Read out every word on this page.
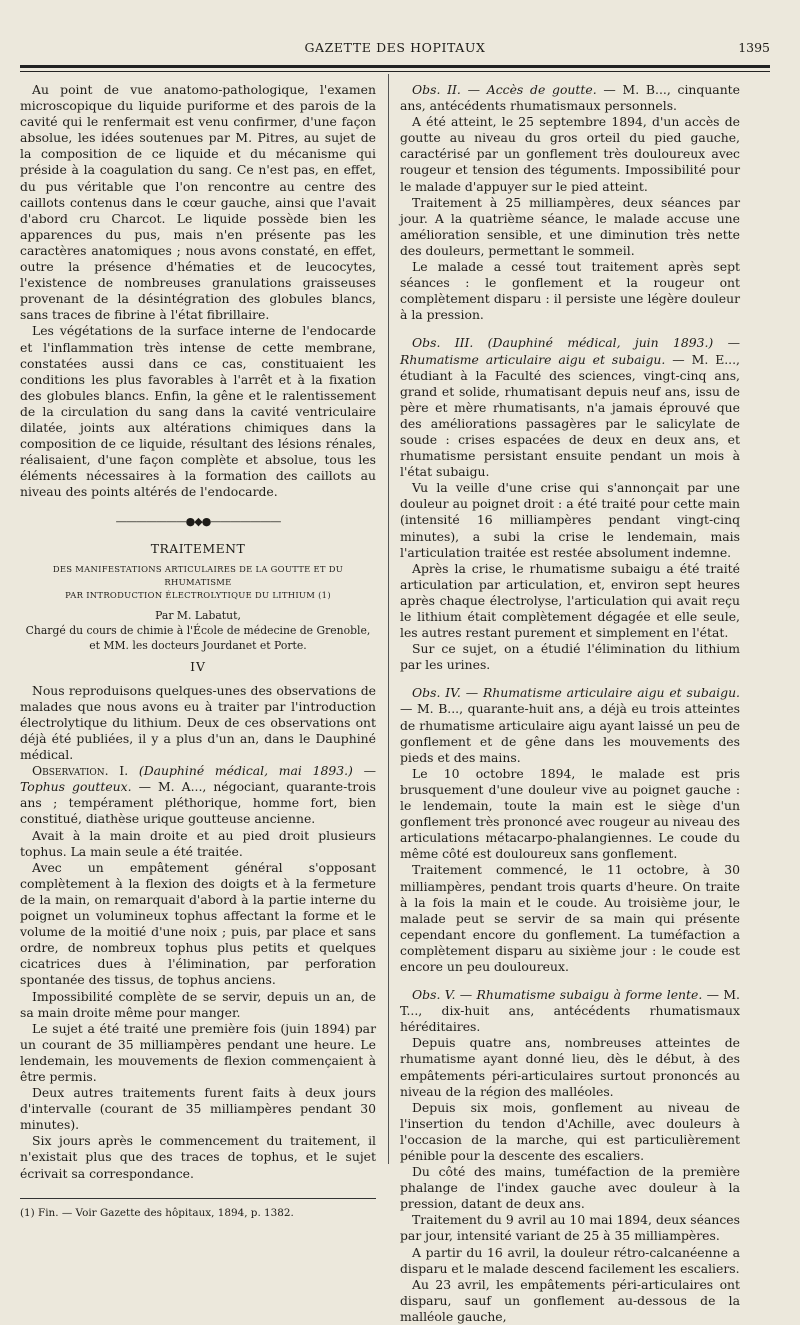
GAZETTE DES HOPITAUX	1395

Au point de vue anatomo-pathologique, l'examen microscopique du liquide puriforme et des parois de la cavité qui le renfermait est venu confirmer, d'une façon absolue, les idées soutenues par M. Pitres, au sujet de la composition de ce liquide et du mécanisme qui préside à la coagulation du sang. Ce n'est pas, en effet, du pus véritable que l'on rencontre au centre des caillots contenus dans le cœur gauche, ainsi que l'avait d'abord cru Charcot. Le liquide possède bien les apparences du pus, mais n'en présente pas les caractères anatomiques ; nous avons constaté, en effet, outre la présence d'hématies et de leucocytes, l'existence de nombreuses granulations graisseuses provenant de la désintégration des globules blancs, sans traces de fibrine à l'état fibrillaire.

Les végétations de la surface interne de l'endocarde et l'inflammation très intense de cette membrane, constatées aussi dans ce cas, constituaient les conditions les plus favorables à l'arrêt et à la fixation des globules blancs. Enfin, la gêne et le ralentissement de la circulation du sang dans la cavité ventriculaire dilatée, joints aux altérations chimiques dans la composition de ce liquide, résultant des lésions rénales, réalisaient, d'une façon complète et absolue, tous les éléments nécessaires à la formation des caillots au niveau des points altérés de l'endocarde.

———————●◆●———————
TRAITEMENT
DES MANIFESTATIONS ARTICULAIRES DE LA GOUTTE ET DU RHUMATISME
PAR INTRODUCTION ÉLECTROLYTIQUE DU LITHIUM (1)
Par M. Labatut,
Chargé du cours de chimie à l'École de médecine de Grenoble,
et MM. les docteurs Jourdanet et Porte.
IV

Nous reproduisons quelques-unes des observations de malades que nous avons eu à traiter par l'introduction électrolytique du lithium. Deux de ces observations ont déjà été publiées, il y a plus d'un an, dans le Dauphiné médical.

Observation. I. (Dauphiné médical, mai 1893.) — Tophus goutteux. — M. A..., négociant, quarante-trois ans ; tempérament pléthorique, homme fort, bien constitué, diathèse urique goutteuse ancienne.

Avait à la main droite et au pied droit plusieurs tophus. La main seule a été traitée.

Avec un empâtement général s'opposant complètement à la flexion des doigts et à la fermeture de la main, on remarquait d'abord à la partie interne du poignet un volumineux tophus affectant la forme et le volume de la moitié d'une noix ; puis, par place et sans ordre, de nombreux tophus plus petits et quelques cicatrices dues à l'élimination, par perforation spontanée des tissus, de tophus anciens.

Impossibilité complète de se servir, depuis un an, de sa main droite même pour manger.

Le sujet a été traité une première fois (juin 1894) par un courant de 35 milliampères pendant une heure. Le lendemain, les mouvements de flexion commençaient à être permis.

Deux autres traitements furent faits à deux jours d'intervalle (courant de 35 milliampères pendant 30 minutes).

Six jours après le commencement du traitement, il n'existait plus que des traces de tophus, et le sujet écrivait sa correspondance.

(1) Fin. — Voir Gazette des hôpitaux, 1894, p. 1382.

Obs. II. — Accès de goutte. — M. B..., cinquante ans, antécédents rhumatismaux personnels.

A été atteint, le 25 septembre 1894, d'un accès de goutte au niveau du gros orteil du pied gauche, caractérisé par un gonflement très douloureux avec rougeur et tension des téguments. Impossibilité pour le malade d'appuyer sur le pied atteint.

Traitement à 25 milliampères, deux séances par jour. A la quatrième séance, le malade accuse une amélioration sensible, et une diminution très nette des douleurs, permettant le sommeil.

Le malade a cessé tout traitement après sept séances : le gonflement et la rougeur ont complètement disparu : il persiste une légère douleur à la pression.

Obs. III. (Dauphiné médical, juin 1893.) — Rhumatisme articulaire aigu et subaigu. — M. E..., étudiant à la Faculté des sciences, vingt-cinq ans, grand et solide, rhumatisant depuis neuf ans, issu de père et mère rhumatisants, n'a jamais éprouvé que des améliorations passagères par le salicylate de soude : crises espacées de deux en deux ans, et rhumatisme persistant ensuite pendant un mois à l'état subaigu.

Vu la veille d'une crise qui s'annonçait par une douleur au poignet droit : a été traité pour cette main (intensité 16 milliampères pendant vingt-cinq minutes), a subi la crise le lendemain, mais l'articulation traitée est restée absolument indemne.

Après la crise, le rhumatisme subaigu a été traité articulation par articulation, et, environ sept heures après chaque électrolyse, l'articulation qui avait reçu le lithium était complètement dégagée et elle seule, les autres restant purement et simplement en l'état.

Sur ce sujet, on a étudié l'élimination du lithium par les urines.

Obs. IV. — Rhumatisme articulaire aigu et subaigu. — M. B..., quarante-huit ans, a déjà eu trois atteintes de rhumatisme articulaire aigu ayant laissé un peu de gonflement et de gêne dans les mouvements des pieds et des mains.

Le 10 octobre 1894, le malade est pris brusquement d'une douleur vive au poignet gauche : le lendemain, toute la main est le siège d'un gonflement très prononcé avec rougeur au niveau des articulations métacarpo-phalangiennes. Le coude du même côté est douloureux sans gonflement.

Traitement commencé, le 11 octobre, à 30 milliampères, pendant trois quarts d'heure. On traite à la fois la main et le coude. Au troisième jour, le malade peut se servir de sa main qui présente cependant encore du gonflement. La tuméfaction a complètement disparu au sixième jour : le coude est encore un peu douloureux.

Obs. V. — Rhumatisme subaigu à forme lente. — M. T..., dix-huit ans, antécédents rhumatismaux héréditaires.

Depuis quatre ans, nombreuses atteintes de rhumatisme ayant donné lieu, dès le début, à des empâtements péri-articulaires surtout prononcés au niveau de la région des malléoles.

Depuis six mois, gonflement au niveau de l'insertion du tendon d'Achille, avec douleurs à l'occasion de la marche, qui est particulièrement pénible pour la descente des escaliers.

Du côté des mains, tuméfaction de la première phalange de l'index gauche avec douleur à la pression, datant de deux ans.

Traitement du 9 avril au 10 mai 1894, deux séances par jour, intensité variant de 25 à 35 milliampères.

A partir du 16 avril, la douleur rétro-calcanéenne a disparu et le malade descend facilement les escaliers.

Au 23 avril, les empâtements péri-articulaires ont disparu, sauf un gonflement au-dessous de la malléole gauche,
